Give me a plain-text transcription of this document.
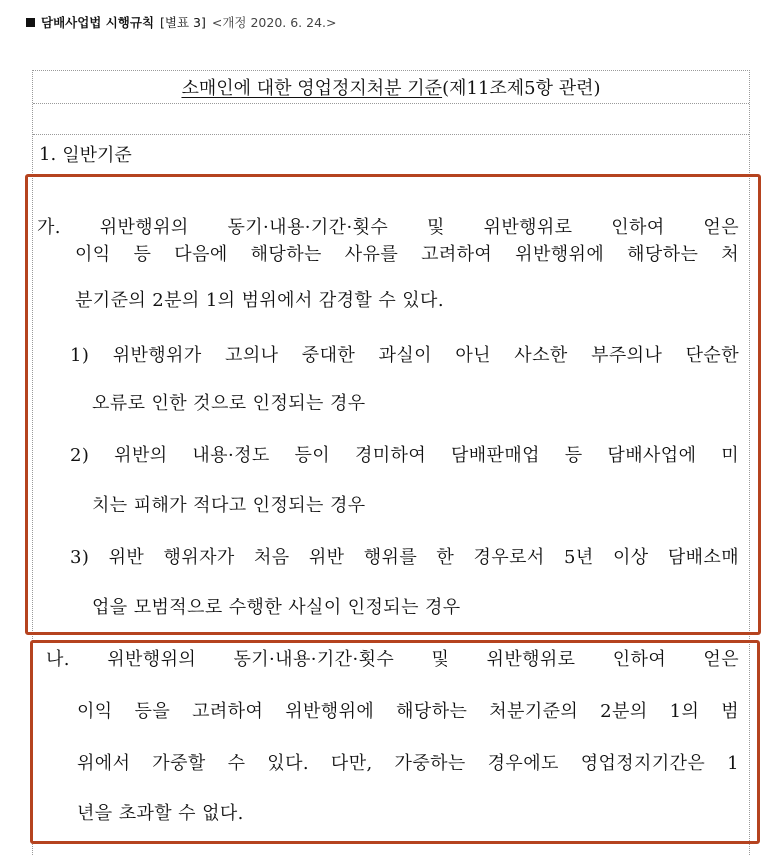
담배사업법 시행규칙 [별표 3] <개정 2020. 6. 24.>
소매인에 대한 영업정지처분 기준 (제11조제5항 관련)
1. 일반기준
가. 위반행위의 동기·내용·기간·횟수 및 위반행위로 인하여 얻은
이익 등 다음에 해당하는 사유를 고려하여 위반행위에 해당하는 처
분기준의 2분의 1의 범위에서 감경할 수 있다.
1) 위반행위가 고의나 중대한 과실이 아닌 사소한 부주의나 단순한
오류로 인한 것으로 인정되는 경우
2) 위반의 내용·정도 등이 경미하여 담배판매업 등 담배사업에 미
치는 피해가 적다고 인정되는 경우
3) 위반 행위자가 처음 위반 행위를 한 경우로서 5년 이상 담배소매
업을 모범적으로 수행한 사실이 인정되는 경우
나. 위반행위의 동기·내용·기간·횟수 및 위반행위로 인하여 얻은
이익 등을 고려하여 위반행위에 해당하는 처분기준의 2분의 1의 범
위에서 가중할 수 있다. 다만, 가중하는 경우에도 영업정지기간은 1
년을 초과할 수 없다.
